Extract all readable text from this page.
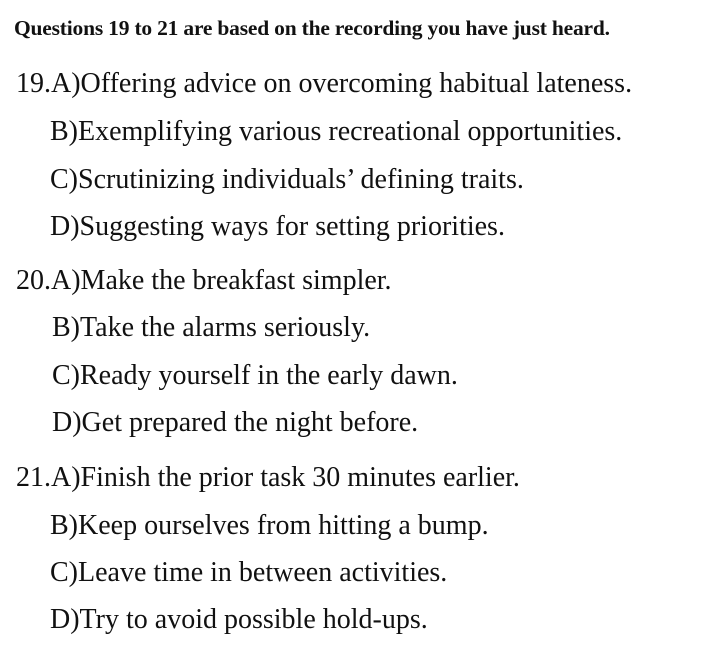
Questions 19 to 21 are based on the recording you have just heard.
19.A)Offering advice on overcoming habitual lateness.
B)Exemplifying various recreational opportunities.
C)Scrutinizing individuals’ defining traits.
D)Suggesting ways for setting priorities.
20.A)Make the breakfast simpler.
B)Take the alarms seriously.
C)Ready yourself in the early dawn.
D)Get prepared the night before.
21.A)Finish the prior task 30 minutes earlier.
B)Keep ourselves from hitting a bump.
C)Leave time in between activities.
D)Try to avoid possible hold-ups.
